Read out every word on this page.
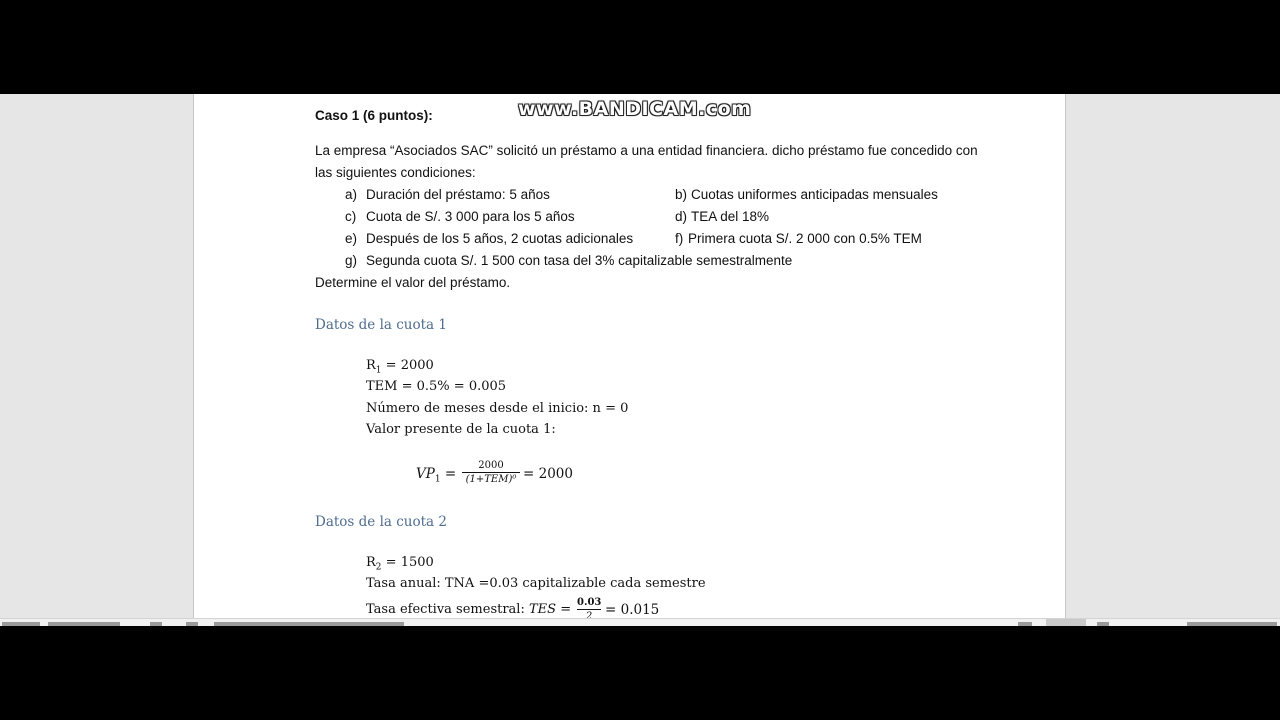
Caso 1 (6 puntos):
La empresa “Asociados SAC” solicitó un préstamo a una entidad financiera. dicho préstamo fue concedido con
las siguientes condiciones:
a) Duración del préstamo: 5 años	b) Cuotas uniformes anticipadas mensuales
c) Cuota de S/. 3 000 para los 5 años	d) TEA del 18%
e) Después de los 5 años, 2 cuotas adicionales	f) Primera cuota S/. 2 000 con 0.5% TEM
g) Segunda cuota S/. 1 500 con tasa del 3% capitalizable semestralmente
Determine el valor del préstamo.
Datos de la cuota 1
$R_1 = 2000$
TEM = 0.5% = 0.005
Número de meses desde el inicio: n = 0
Valor presente de la cuota 1:
$VP_1$ =
2000
(1+TEM)⁰ = 2000
Datos de la cuota 2
$R_2 = 1500$
Tasa anual: TNA =0.03 capitalizable cada semestre
Tasa efectiva semestral: TES = 0.03
2 = 0.015
www.BANDICAM.com
